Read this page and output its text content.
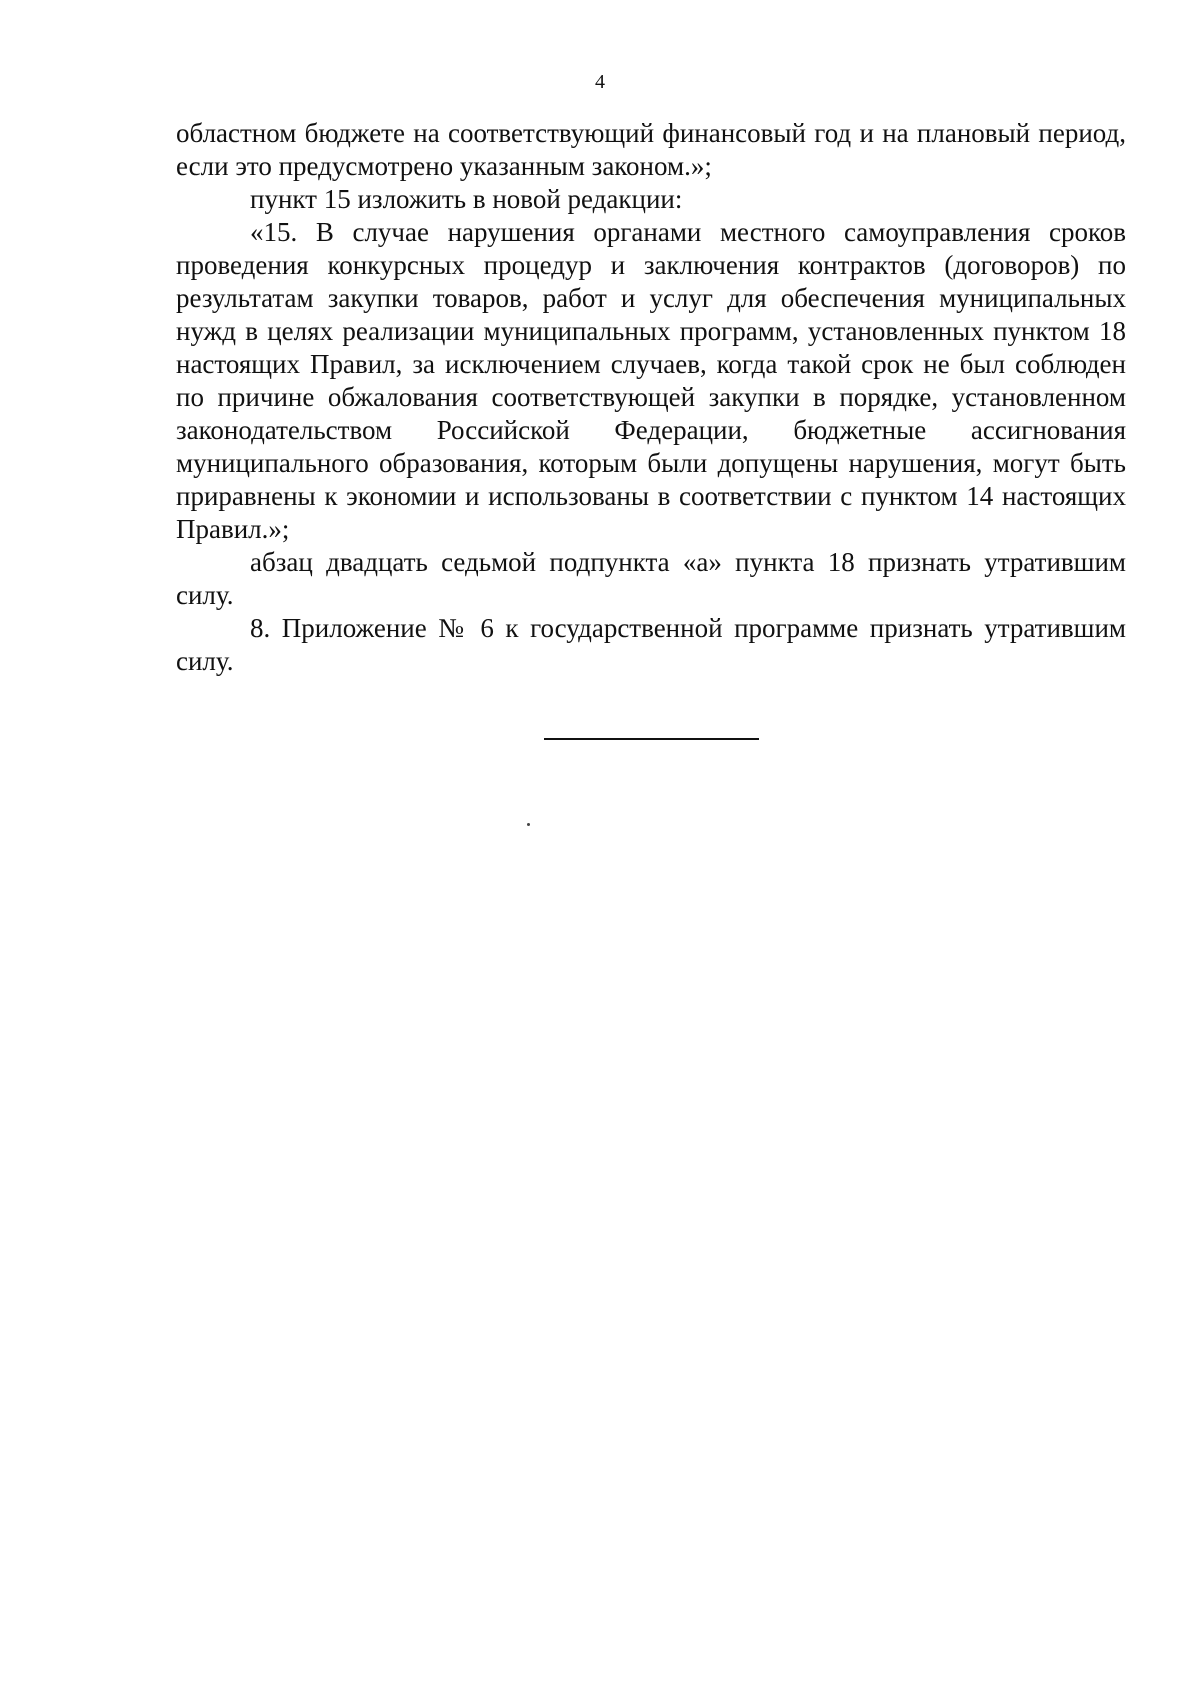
4

областном бюджете на соответствующий финансовый год и на плановый период, если это предусмотрено указанным законом.»;

пункт 15 изложить в новой редакции:

«15. В случае нарушения органами местного самоуправления сроков проведения конкурсных процедур и заключения контрактов (договоров) по результатам закупки товаров, работ и услуг для обеспечения муниципальных нужд в целях реализации муниципальных программ, установленных пунктом 18 настоящих Правил, за исключением случаев, когда такой срок не был соблюден по причине обжалования соответствующей закупки в порядке, установленном законодательством Российской Федерации, бюджетные ассигнования муниципального образования, которым были допущены нарушения, могут быть приравнены к экономии и использованы в соответствии с пунктом 14 настоящих Правил.»;

абзац двадцать седьмой подпункта «а» пункта 18 признать утратившим силу.

8. Приложение № 6 к государственной программе признать утратившим силу.
